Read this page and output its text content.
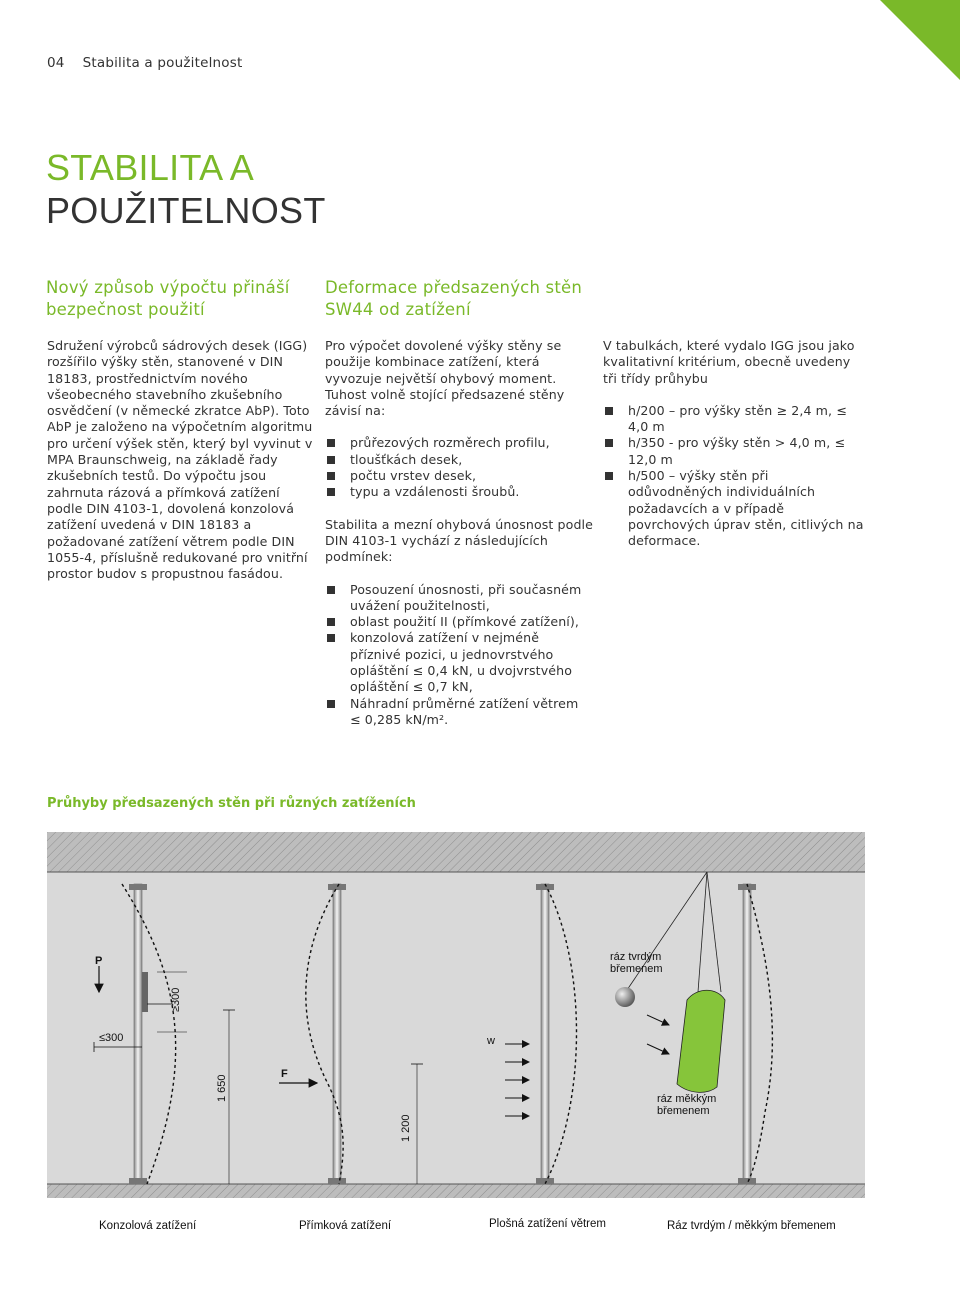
04 Stabilita a použitelnost
STABILITA A
POUŽITELNOST
Nový způsob výpočtu přináší bezpečnost použití

Sdružení výrobců sádrových desek (IGG) rozšířilo výšky stěn, stanovené v DIN 18183, prostřednictvím nového všeobecného stavebního zkušebního osvědčení (v německé zkratce AbP). Toto AbP je založeno na výpočetním algoritmu pro určení výšek stěn, který byl vyvinut v MPA Braunschweig, na základě řady zkušebních testů. Do výpočtu jsou zahrnuta rázová a přímková zatížení podle DIN 4103-1, dovolená konzolová zatížení uvedená v DIN 18183 a požadované zatížení větrem podle DIN 1055-4, příslušně redukované pro vnitřní prostor budov s propustnou fasádou.

Deformace předsazených stěn SW44 od zatížení

Pro výpočet dovolené výšky stěny se použije kombinace zatížení, která vyvozuje největší ohybový moment. Tuhost volně stojící předsazené stěny závisí na:

průřezových rozměrech profilu,
tloušťkách desek,
počtu vrstev desek,
typu a vzdálenosti šroubů.

Stabilita a mezní ohybová únosnost podle DIN 4103-1 vychází z následujících podmínek:

Posouzení únosnosti, při současném uvážení použitelnosti,
oblast použití II (přímkové zatížení),
konzolová zatížení v nejméně příznivé pozici, u jednovrstvého opláštění ≤ 0,4 kN, u dvojvrstvého opláštění ≤ 0,7 kN,
Náhradní průměrné zatížení větrem ≤ 0,285 kN/m².

V tabulkách, které vydalo IGG jsou jako kvalitativní kritérium, obecně uvedeny tři třídy průhybu

h/200 – pro výšky stěn ≥ 2,4 m, ≤ 4,0 m
h/350 - pro výšky stěn > 4,0 m, ≤ 12,0 m
h/500 – výšky stěn při odůvodněných individuálních požadavcích a v případě povrchových úprav stěn, citlivých na deformace.
Průhyby předsazených stěn při různých zatíženích
P
≥300
≤300
1 650
F
1 200
w
ráz tvrdým
břemenem
ráz měkkým
břemenem
Konzolová zatížení	Přímková zatížení	Plošná zatížení větrem	Ráz tvrdým / měkkým břemenem
